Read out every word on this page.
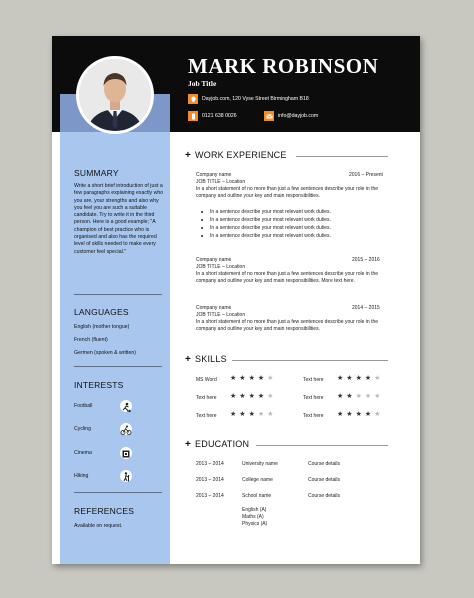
MARK ROBINSON
Job Title
Dayjob.com, 120 Vyse Street Birmingham B18
0121 638 0026	info@dayjob.com
SUMMARY
Write a short brief introduction of just a few paragraphs explaining exactly who you are, your strengths and also why you feel you are such a suitable candidate. Try to write it in the third person. Here is a good example; "A champion of best practice who is organised and also has the required level of skills needed to make every customer feel special."
LANGUAGES
English (mother tongue)
French (fluent)
Germen (spoken & written)
INTERESTS
Football
Cycling
Cinema
Hiking
REFERENCES
Available on request.
+ WORK EXPERIENCE
Company name	2016 – Present
JOB TITLE – Location
In a short statement of no more than just a few sentences describe your role in the company and outline your key and main responsibilities.
In a sentence describe your most relevant work duties.
In a sentence describe your most relevant work duties.
In a sentence describe your most relevant work duties.
In a sentence describe your most relevant work duties.
Company name	2015 – 2016
JOB TITLE – Location
In a short statement of no more than just a few sentences describe your role in the company and outline your key and main responsibilities. More text here.
Company name	2014 – 2015
JOB TITLE – Location
In a short statement of no more than just a few sentences describe your role in the company and outline your key and main responsibilities.
+ SKILLS
MS Word ★★★★★	Text here ★★★★★
Text here ★★★★★	Text here ★★★★★
Text here ★★★★★	Text here ★★★★★
+ EDUCATION
2013 – 2014	University name	Course details
2013 – 2014	College name	Course details
2013 – 2014	School name	Course details
English (A)
Maths (A)
Physics (A)
